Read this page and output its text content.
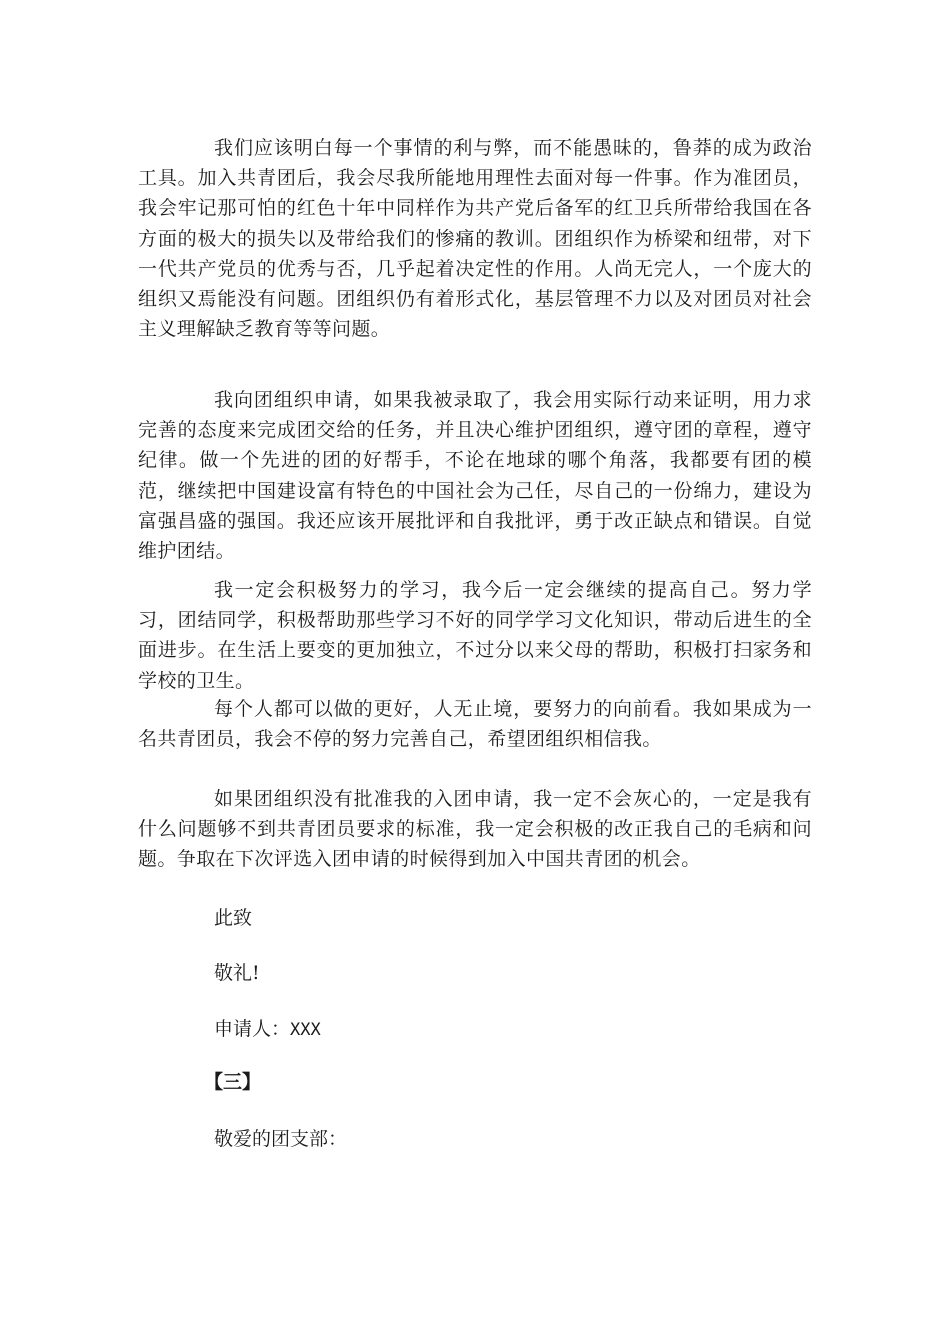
我们应该明白每一个事情的利与弊，而不能愚昧的，鲁莽的成为政治工具。加入共青团后，我会尽我所能地用理性去面对每一件事。作为准团员，我会牢记那可怕的红色十年中同样作为共产党后备军的红卫兵所带给我国在各方面的极大的损失以及带给我们的惨痛的教训。团组织作为桥梁和纽带，对下一代共产党员的优秀与否，几乎起着决定性的作用。人尚无完人，一个庞大的组织又焉能没有问题。团组织仍有着形式化，基层管理不力以及对团员对社会主义理解缺乏教育等等问题。

我向团组织申请，如果我被录取了，我会用实际行动来证明，用力求完善的态度来完成团交给的任务，并且决心维护团组织，遵守团的章程，遵守纪律。做一个先进的团的好帮手，不论在地球的哪个角落，我都要有团的模范，继续把中国建设富有特色的中国社会为己任，尽自己的一份绵力，建设为富强昌盛的强国。我还应该开展批评和自我批评，勇于改正缺点和错误。自觉维护团结。

我一定会积极努力的学习，我今后一定会继续的提高自己。努力学习，团结同学，积极帮助那些学习不好的同学学习文化知识，带动后进生的全面进步。在生活上要变的更加独立，不过分以来父母的帮助，积极打扫家务和学校的卫生。

每个人都可以做的更好，人无止境，要努力的向前看。我如果成为一名共青团员，我会不停的努力完善自己，希望团组织相信我。

如果团组织没有批准我的入团申请，我一定不会灰心的，一定是我有什么问题够不到共青团员要求的标准，我一定会积极的改正我自己的毛病和问题。争取在下次评选入团申请的时候得到加入中国共青团的机会。

此致

敬礼!

申请人：XXX

【三】

敬爱的团支部：
